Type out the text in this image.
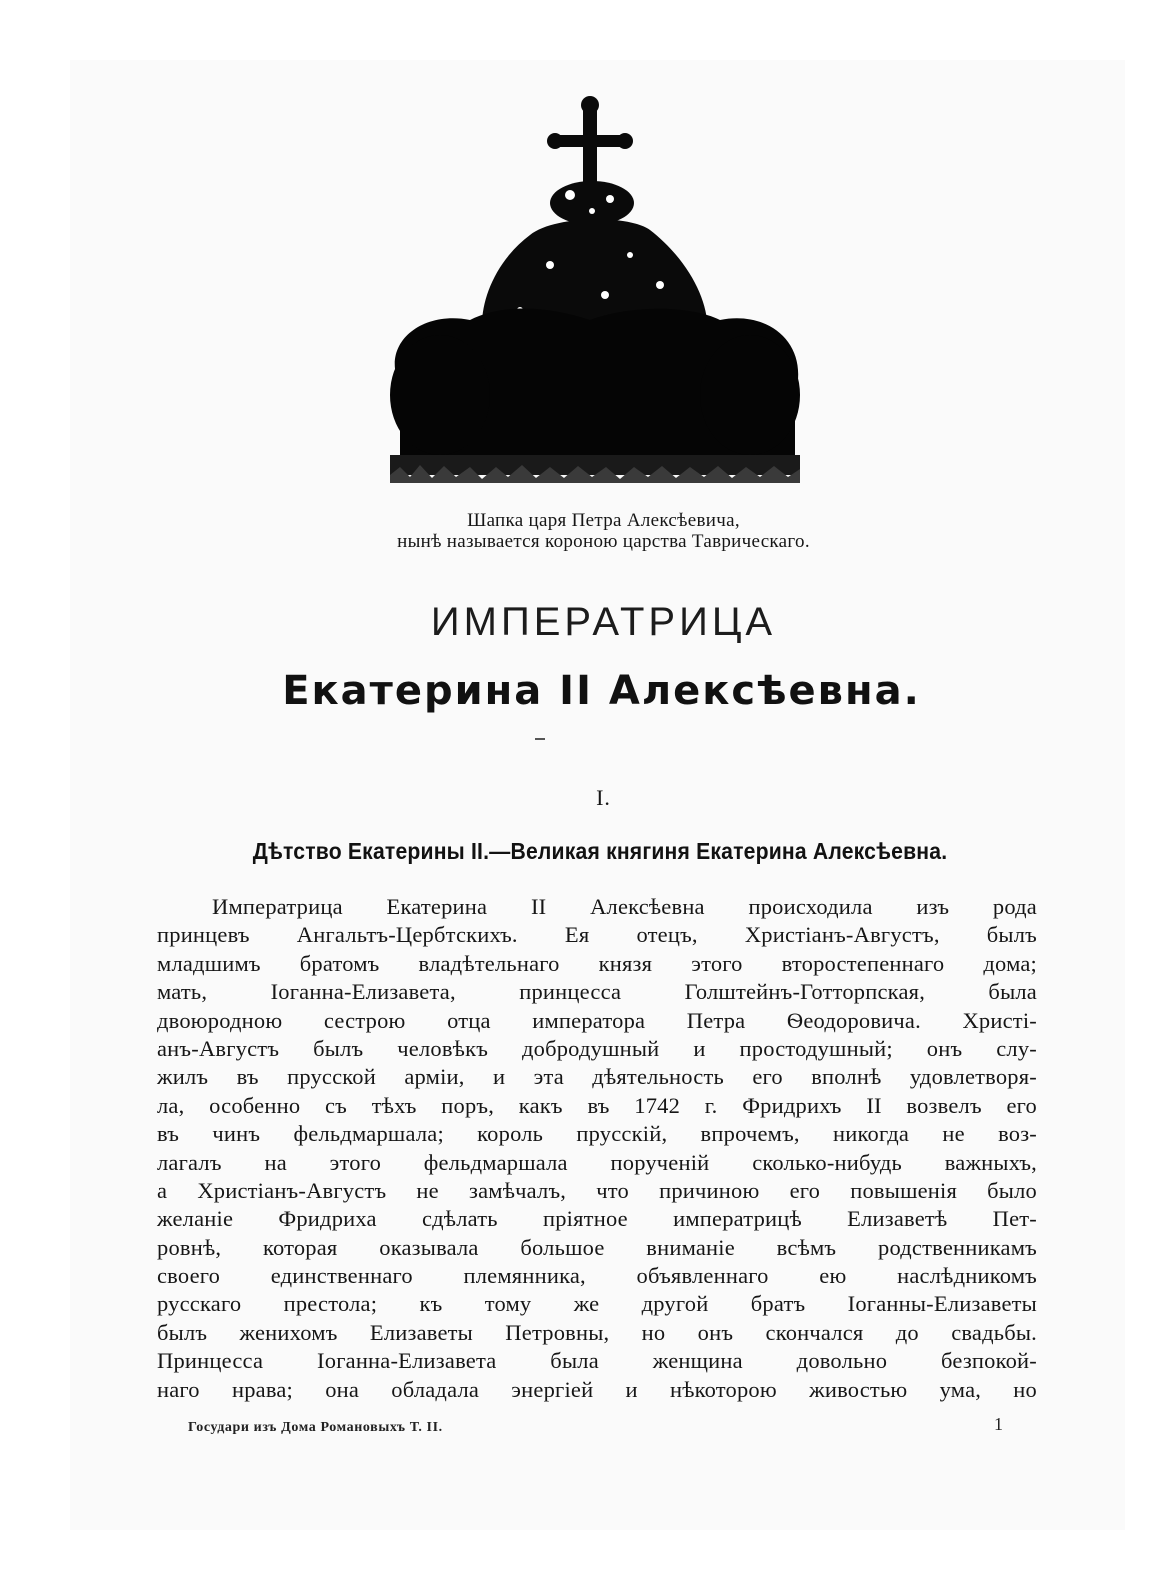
Шапка царя Петра Алексѣевича,
нынѣ называется короною царства Таврическаго.
ИМПЕРАТРИЦА
Екатерина II Алексѣевна.
I.
Дѣтство Екатерины II.—Великая княгиня Екатерина Алексѣевна.
Императрица Екатерина II Алексѣевна происходила изъ рода
принцевъ Ангальтъ-Цербтскихъ. Ея отецъ, Христіанъ-Августъ, былъ
младшимъ братомъ владѣтельнаго князя этого второстепеннаго дома;
мать, Іоганна-Елизавета, принцесса Голштейнъ-Готторпская, была
двоюродною сестрою отца императора Петра Ѳеодоровича. Христі-
анъ-Августъ былъ человѣкъ добродушный и простодушный; онъ слу-
жилъ въ прусской арміи, и эта дѣятельность его вполнѣ удовлетворя-
ла, особенно съ тѣхъ поръ, какъ въ 1742 г. Фридрихъ II возвелъ его
въ чинъ фельдмаршала; король прусскій, впрочемъ, никогда не воз-
лагалъ на этого фельдмаршала порученій сколько-нибудь важныхъ,
а Христіанъ-Августъ не замѣчалъ, что причиною его повышенія было
желаніе Фридриха сдѣлать пріятное императрицѣ Елизаветѣ Пет-
ровнѣ, которая оказывала большое вниманіе всѣмъ родственникамъ
своего единственнаго племянника, объявленнаго ею наслѣдникомъ
русскаго престола; къ тому же другой братъ Іоганны-Елизаветы
былъ женихомъ Елизаветы Петровны, но онъ скончался до свадьбы.
Принцесса Іоганна-Елизавета была женщина довольно безпокой-
наго нрава; она обладала энергіей и нѣкоторою живостью ума, но
Государи изъ Дома Романовыхъ Т. II.	1
